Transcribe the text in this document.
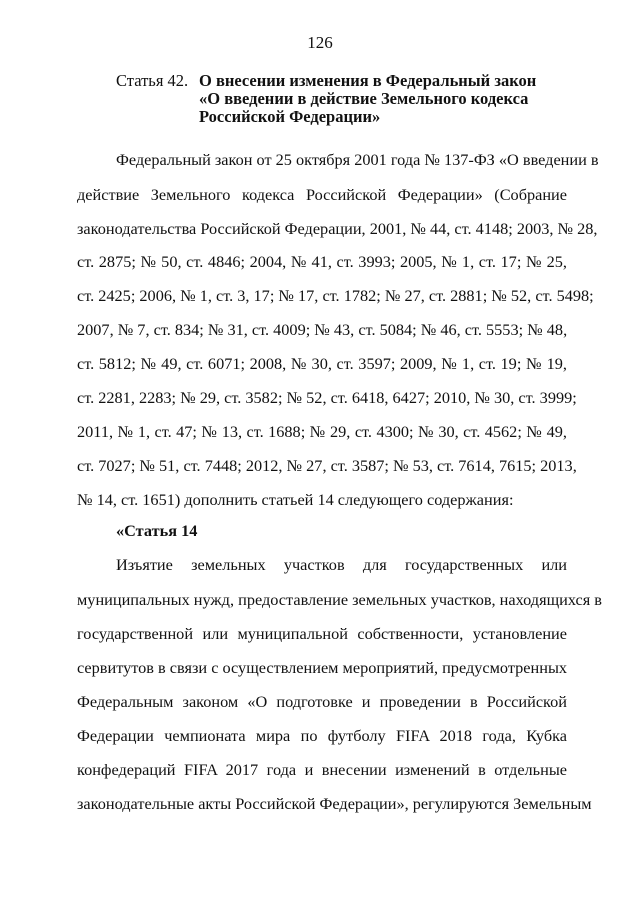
126
Статья 42. О внесении изменения в Федеральный закон
«О введении в действие Земельного кодекса
Российской Федерации»
Федеральный закон от 25 октября 2001 года № 137-ФЗ «О введении в
действие Земельного кодекса Российской Федерации» (Собрание
законодательства Российской Федерации, 2001, № 44, ст. 4148; 2003, № 28,
ст. 2875; № 50, ст. 4846; 2004, № 41, ст. 3993; 2005, № 1, ст. 17; № 25,
ст. 2425; 2006, № 1, ст. 3, 17; № 17, ст. 1782; № 27, ст. 2881; № 52, ст. 5498;
2007, № 7, ст. 834; № 31, ст. 4009; № 43, ст. 5084; № 46, ст. 5553; № 48,
ст. 5812; № 49, ст. 6071; 2008, № 30, ст. 3597; 2009, № 1, ст. 19; № 19,
ст. 2281, 2283; № 29, ст. 3582; № 52, ст. 6418, 6427; 2010, № 30, ст. 3999;
2011, № 1, ст. 47; № 13, ст. 1688; № 29, ст. 4300; № 30, ст. 4562; № 49,
ст. 7027; № 51, ст. 7448; 2012, № 27, ст. 3587; № 53, ст. 7614, 7615; 2013,
№ 14, ст. 1651) дополнить статьей 14 следующего содержания:
«Статья 14
Изъятие земельных участков для государственных или
муниципальных нужд, предоставление земельных участков, находящихся в
государственной или муниципальной собственности, установление
сервитутов в связи с осуществлением мероприятий, предусмотренных
Федеральным законом «О подготовке и проведении в Российской
Федерации чемпионата мира по футболу FIFA 2018 года, Кубка
конфедераций FIFA 2017 года и внесении изменений в отдельные
законодательные акты Российской Федерации», регулируются Земельным
